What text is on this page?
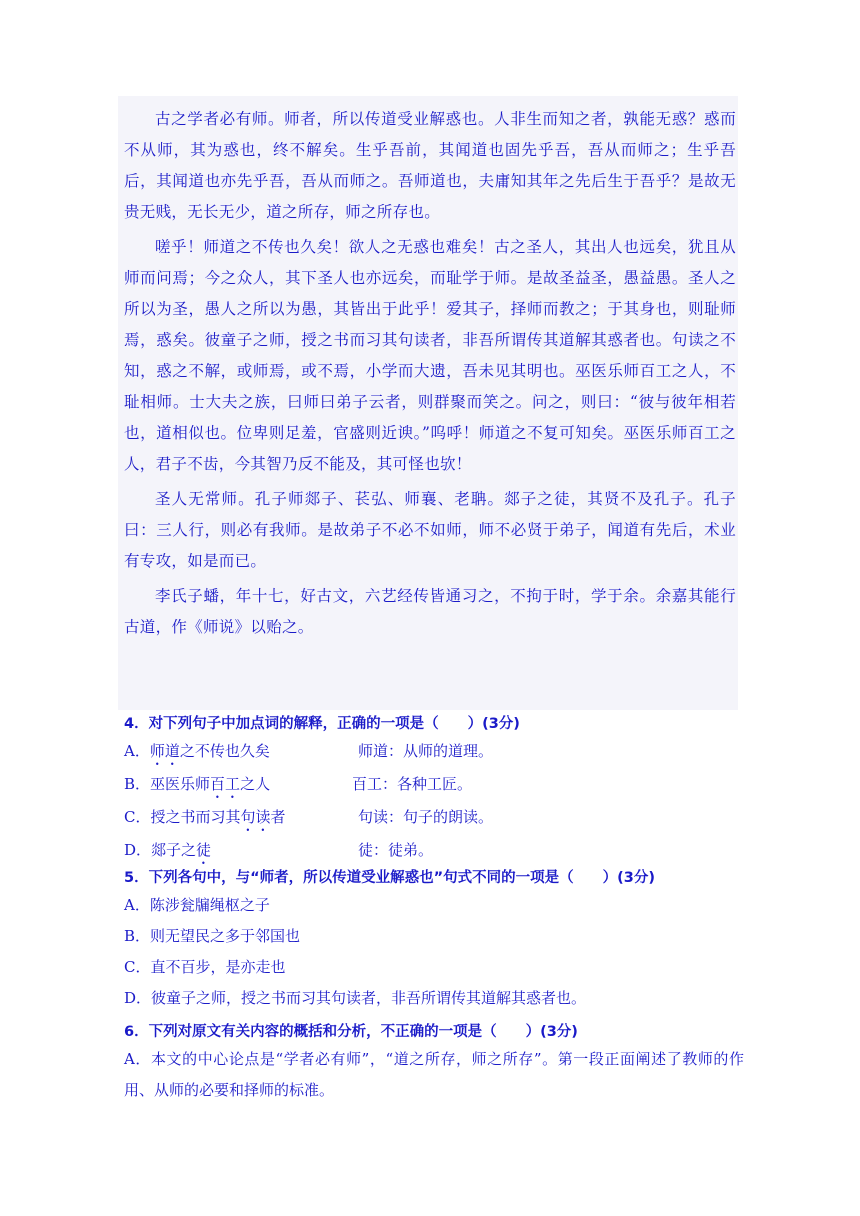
古之学者必有师。师者，所以传道受业解惑也。人非生而知之者，孰能无惑？惑而不从师，其为惑也，终不解矣。生乎吾前，其闻道也固先乎吾，吾从而师之；生乎吾后，其闻道也亦先乎吾，吾从而师之。吾师道也，夫庸知其年之先后生于吾乎？是故无贵无贱，无长无少，道之所存，师之所存也。

嗟乎！师道之不传也久矣！欲人之无惑也难矣！古之圣人，其出人也远矣，犹且从师而问焉；今之众人，其下圣人也亦远矣，而耻学于师。是故圣益圣，愚益愚。圣人之所以为圣，愚人之所以为愚，其皆出于此乎！爱其子，择师而教之；于其身也，则耻师焉，惑矣。彼童子之师，授之书而习其句读者，非吾所谓传其道解其惑者也。句读之不知，惑之不解，或师焉，或不焉，小学而大遗，吾未见其明也。巫医乐师百工之人，不耻相师。士大夫之族，曰师曰弟子云者，则群聚而笑之。问之，则曰：“彼与彼年相若也，道相似也。位卑则足羞，官盛则近谀。”呜呼！师道之不复可知矣。巫医乐师百工之人，君子不齿，今其智乃反不能及，其可怪也欤！

圣人无常师。孔子师郯子、苌弘、师襄、老聃。郯子之徒，其贤不及孔子。孔子曰：三人行，则必有我师。是故弟子不必不如师，师不必贤于弟子，闻道有先后，术业有专攻，如是而已。

李氏子蟠，年十七，好古文，六艺经传皆通习之，不拘于时，学于余。余嘉其能行古道，作《师说》以贻之。

4．对下列句子中加点词的解释，正确的一项是（　　）(3分)
A．师道之不传也久矣	师道：从师的道理。
B．巫医乐师百工之人	百工：各种工匠。
C．授之书而习其句读者	句读：句子的朗读。
D．郯子之徒	徒：徒弟。
5．下列各句中，与“师者，所以传道受业解惑也”句式不同的一项是（　　）(3分)
A．陈涉瓮牖绳枢之子
B．则无望民之多于邻国也
C．直不百步，是亦走也
D．彼童子之师，授之书而习其句读者，非吾所谓传其道解其惑者也。
6．下列对原文有关内容的概括和分析，不正确的一项是（　　）(3分)
A．本文的中心论点是“学者必有师”，“道之所存，师之所存”。第一段正面阐述了教师的作用、从师的必要和择师的标准。
